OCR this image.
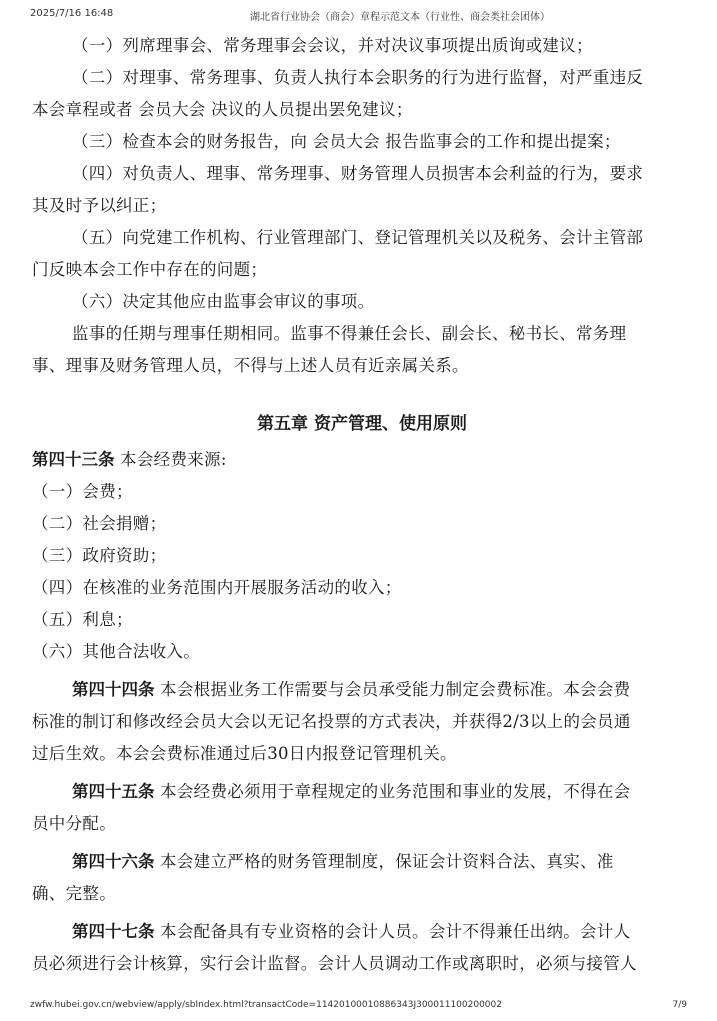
2025/7/16 16:48	湖北省行业协会（商会）章程示范文本（行业性、商会类社会团体）
（一）列席理事会、常务理事会会议，并对决议事项提出质询或建议；
（二）对理事、常务理事、负责人执行本会职务的行为进行监督，对严重违反
本会章程或者 会员大会 决议的人员提出罢免建议；
（三）检查本会的财务报告，向 会员大会 报告监事会的工作和提出提案；
（四）对负责人、理事、常务理事、财务管理人员损害本会利益的行为，要求
其及时予以纠正；
（五）向党建工作机构、行业管理部门、登记管理机关以及税务、会计主管部
门反映本会工作中存在的问题；
（六）决定其他应由监事会审议的事项。
监事的任期与理事任期相同。监事不得兼任会长、副会长、秘书长、常务理
事、理事及财务管理人员，不得与上述人员有近亲属关系。
第五章 资产管理、使用原则
第四十三条 本会经费来源:
（一）会费；
（二）社会捐赠；
（三）政府资助；
（四）在核准的业务范围内开展服务活动的收入；
（五）利息；
（六）其他合法收入。
第四十四条 本会根据业务工作需要与会员承受能力制定会费标准。本会会费
标准的制订和修改经会员大会以无记名投票的方式表决，并获得2/3以上的会员通
过后生效。本会会费标准通过后30日内报登记管理机关。
第四十五条 本会经费必须用于章程规定的业务范围和事业的发展，不得在会
员中分配。
第四十六条 本会建立严格的财务管理制度，保证会计资料合法、真实、准
确、完整。
第四十七条 本会配备具有专业资格的会计人员。会计不得兼任出纳。会计人
员必须进行会计核算，实行会计监督。会计人员调动工作或离职时，必须与接管人
zwfw.hubei.gov.cn/webview/apply/sbIndex.html?transactCode=11420100010886343J300011100200002	7/9
